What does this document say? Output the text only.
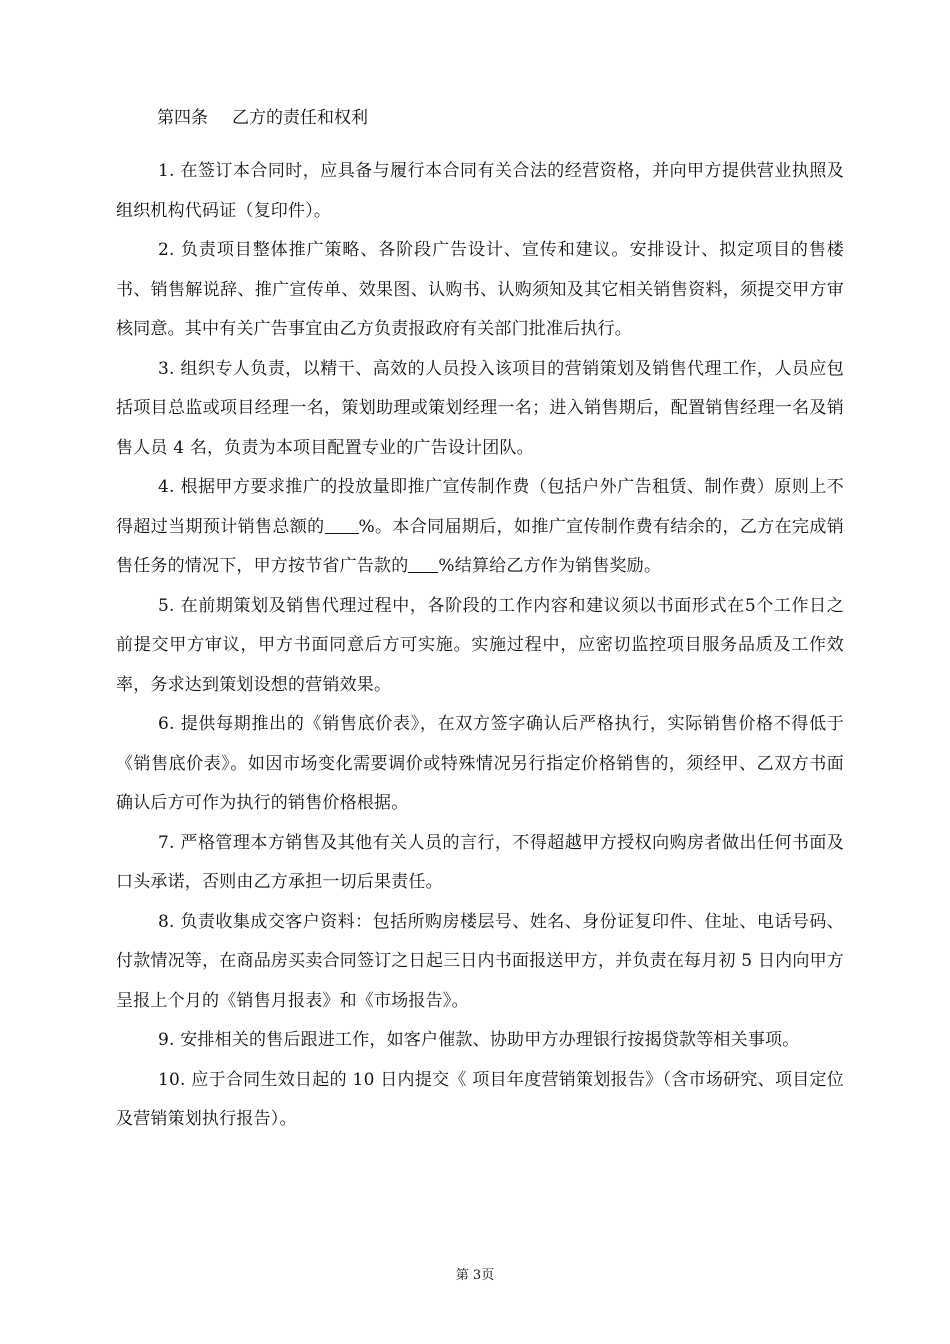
第四条 乙方的责任和权利

1. 在签订本合同时，应具备与履行本合同有关合法的经营资格，并向甲方提供营业执照及组织机构代码证（复印件）。

2. 负责项目整体推广策略、各阶段广告设计、宣传和建议。安排设计、拟定项目的售楼书、销售解说辞、推广宣传单、效果图、认购书、认购须知及其它相关销售资料，须提交甲方审核同意。其中有关广告事宜由乙方负责报政府有关部门批准后执行。

3. 组织专人负责，以精干、高效的人员投入该项目的营销策划及销售代理工作，人员应包括项目总监或项目经理一名，策划助理或策划经理一名；进入销售期后，配置销售经理一名及销售人员 4 名，负责为本项目配置专业的广告设计团队。

4. 根据甲方要求推广的投放量即推广宣传制作费（包括户外广告租赁、制作费）原则上不得超过当期预计销售总额的 %。本合同届期后，如推广宣传制作费有结余的，乙方在完成销售任务的情况下，甲方按节省广告款的 %结算给乙方作为销售奖励。

5. 在前期策划及销售代理过程中，各阶段的工作内容和建议须以书面形式在5个工作日之前提交甲方审议，甲方书面同意后方可实施。实施过程中，应密切监控项目服务品质及工作效率，务求达到策划设想的营销效果。

6. 提供每期推出的《销售底价表》，在双方签字确认后严格执行，实际销售价格不得低于《销售底价表》。如因市场变化需要调价或特殊情况另行指定价格销售的，须经甲、乙双方书面确认后方可作为执行的销售价格根据。

7. 严格管理本方销售及其他有关人员的言行，不得超越甲方授权向购房者做出任何书面及口头承诺，否则由乙方承担一切后果责任。

8. 负责收集成交客户资料：包括所购房楼层号、姓名、身份证复印件、住址、电话号码、付款情况等，在商品房买卖合同签订之日起三日内书面报送甲方，并负责在每月初 5 日内向甲方呈报上个月的《销售月报表》和《市场报告》。

9. 安排相关的售后跟进工作，如客户催款、协助甲方办理银行按揭贷款等相关事项。

10. 应于合同生效日起的 10 日内提交《 项目年度营销策划报告》（含市场研究、项目定位及营销策划执行报告）。

第 3页
